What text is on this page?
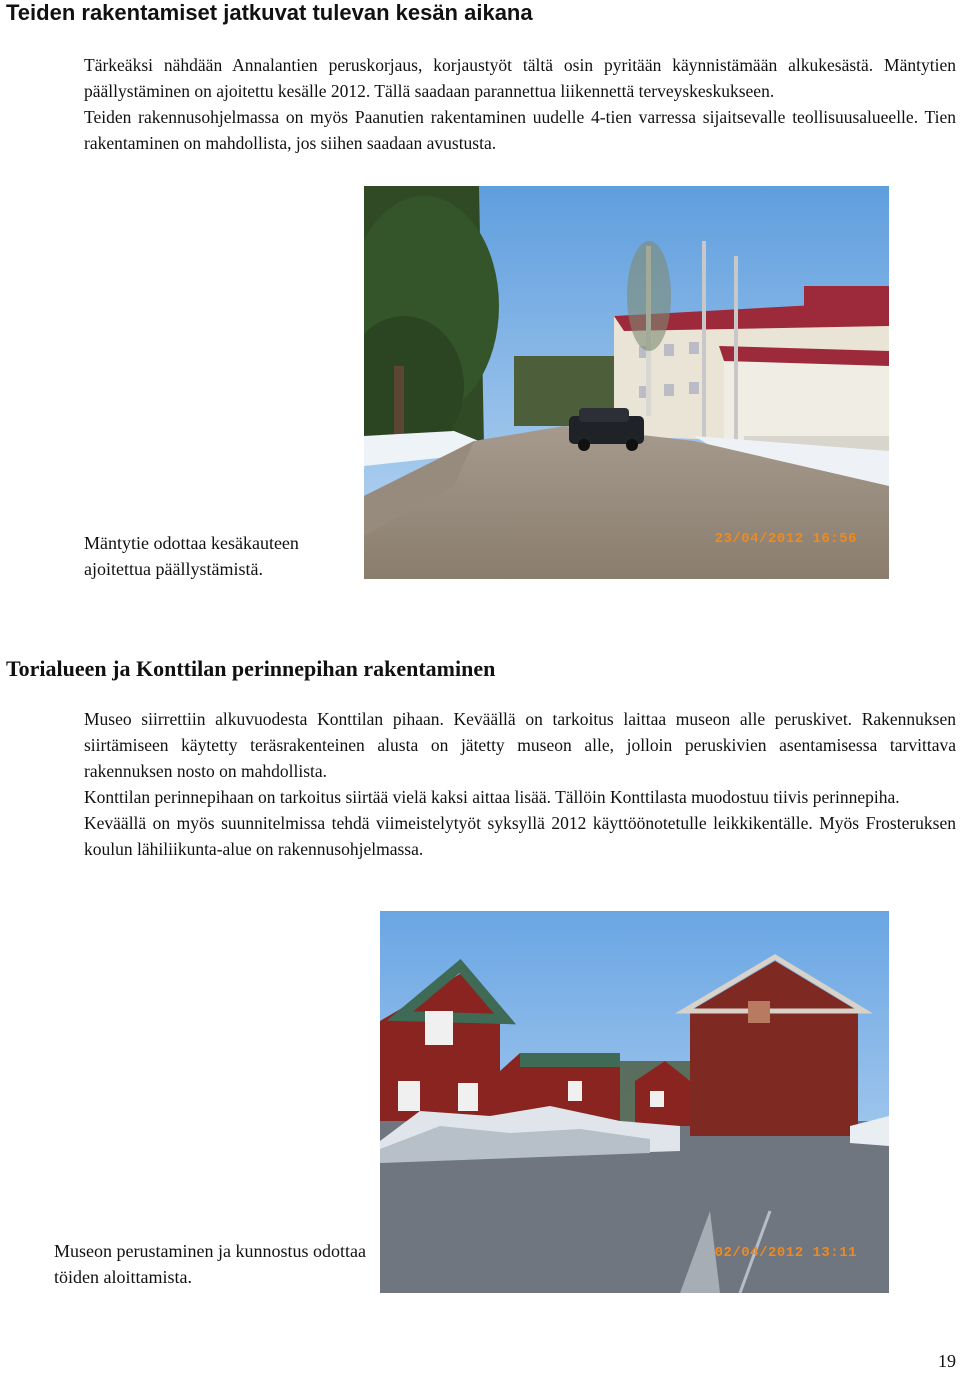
Teiden rakentamiset jatkuvat tulevan kesän aikana

Tärkeäksi nähdään Annalantien peruskorjaus, korjaustyöt tältä osin pyritään käynnistämään alkukesästä. Mäntytien päällystäminen on ajoitettu kesälle 2012. Tällä saadaan parannettua liikennettä terveyskeskukseen.

Teiden rakennusohjelmassa on myös Paanutien rakentaminen uudelle 4-tien varressa sijaitsevalle teollisuusalueelle. Tien rakentaminen on mahdollista, jos siihen saadaan avustusta.

Mäntytie odottaa kesäkauteen ajoitettua päällystämistä.
23/04/2012 16:56
Torialueen ja Konttilan perinnepihan rakentaminen

Museo siirrettiin alkuvuodesta Konttilan pihaan. Keväällä on tarkoitus laittaa museon alle peruskivet. Rakennuksen siirtämiseen käytetty teräsrakenteinen alusta on jätetty museon alle, jolloin peruskivien asentamisessa tarvittava rakennuksen nosto on mahdollista.

Konttilan perinnepihaan on tarkoitus siirtää vielä kaksi aittaa lisää. Tällöin Konttilasta muodostuu tiivis perinnepiha.

Keväällä on myös suunnitelmissa tehdä viimeistelytyöt syksyllä 2012 käyttöönotetulle leikkikentälle. Myös Frosteruksen koulun lähiliikunta-alue on rakennusohjelmassa.

02/04/2012 13:11
Museon perustaminen ja kunnostus odottaa töiden aloittamista.
19
